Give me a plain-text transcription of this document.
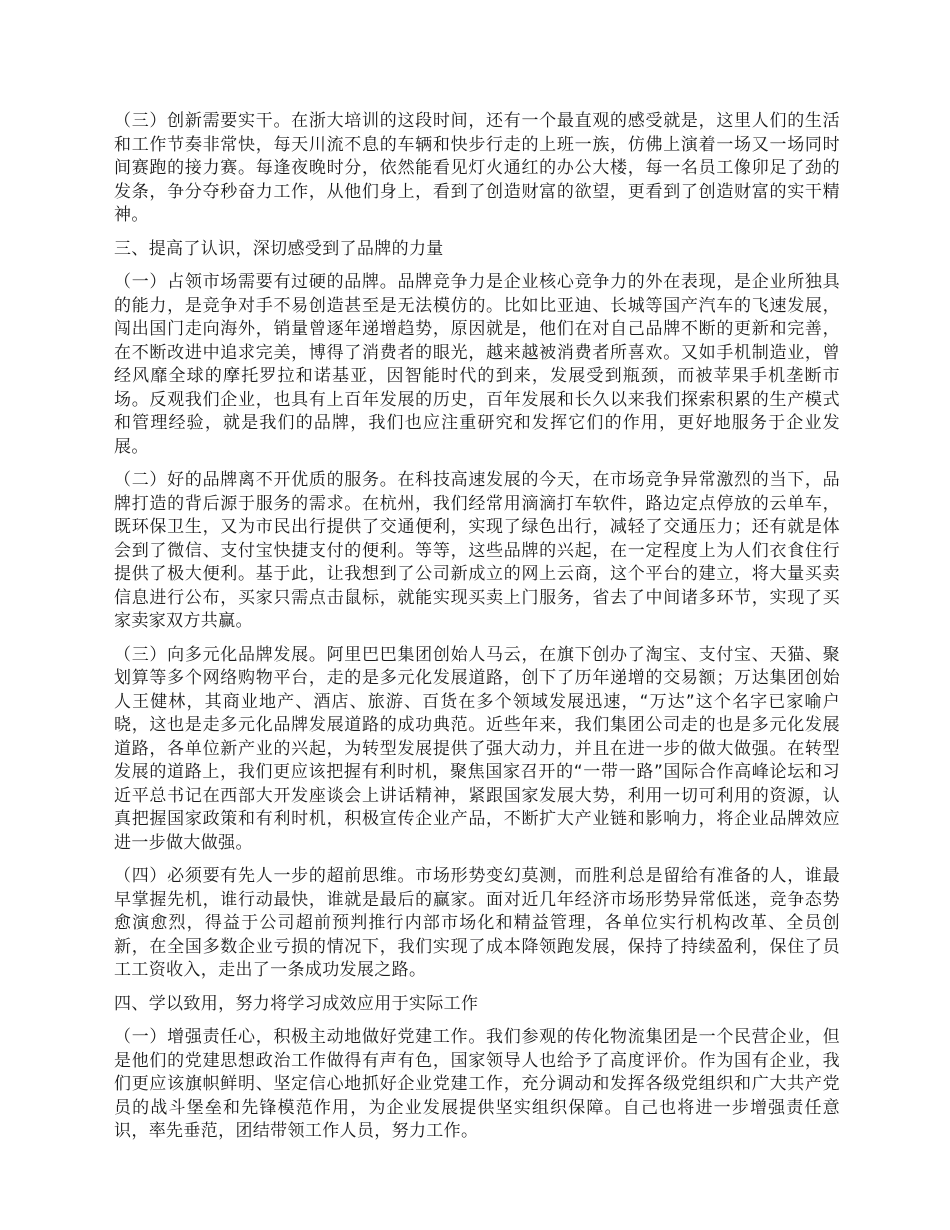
（三）创新需要实干。在浙大培训的这段时间，还有一个最直观的感受就是，这里人们的生活和工作节奏非常快，每天川流不息的车辆和快步行走的上班一族，仿佛上演着一场又一场同时间赛跑的接力赛。每逢夜晚时分，依然能看见灯火通红的办公大楼，每一名员工像卯足了劲的发条，争分夺秒奋力工作，从他们身上，看到了创造财富的欲望，更看到了创造财富的实干精神。

三、提高了认识，深切感受到了品牌的力量

（一）占领市场需要有过硬的品牌。品牌竞争力是企业核心竞争力的外在表现，是企业所独具的能力，是竞争对手不易创造甚至是无法模仿的。比如比亚迪、长城等国产汽车的飞速发展，闯出国门走向海外，销量曾逐年递增趋势，原因就是，他们在对自己品牌不断的更新和完善，在不断改进中追求完美，博得了消费者的眼光，越来越被消费者所喜欢。又如手机制造业，曾经风靡全球的摩托罗拉和诺基亚，因智能时代的到来，发展受到瓶颈，而被苹果手机垄断市场。反观我们企业，也具有上百年发展的历史，百年发展和长久以来我们探索积累的生产模式和管理经验，就是我们的品牌，我们也应注重研究和发挥它们的作用，更好地服务于企业发展。

（二）好的品牌离不开优质的服务。在科技高速发展的今天，在市场竞争异常激烈的当下，品牌打造的背后源于服务的需求。在杭州，我们经常用滴滴打车软件，路边定点停放的云单车，既环保卫生，又为市民出行提供了交通便利，实现了绿色出行，减轻了交通压力；还有就是体会到了微信、支付宝快捷支付的便利。等等，这些品牌的兴起，在一定程度上为人们衣食住行提供了极大便利。基于此，让我想到了公司新成立的网上云商，这个平台的建立，将大量买卖信息进行公布，买家只需点击鼠标，就能实现买卖上门服务，省去了中间诸多环节，实现了买家卖家双方共赢。

（三）向多元化品牌发展。阿里巴巴集团创始人马云，在旗下创办了淘宝、支付宝、天猫、聚划算等多个网络购物平台，走的是多元化发展道路，创下了历年递增的交易额；万达集团创始人王健林，其商业地产、酒店、旅游、百货在多个领域发展迅速，“万达”这个名字已家喻户晓，这也是走多元化品牌发展道路的成功典范。近些年来，我们集团公司走的也是多元化发展道路，各单位新产业的兴起，为转型发展提供了强大动力，并且在进一步的做大做强。在转型发展的道路上，我们更应该把握有利时机，聚焦国家召开的“一带一路”国际合作高峰论坛和习近平总书记在西部大开发座谈会上讲话精神，紧跟国家发展大势，利用一切可利用的资源，认真把握国家政策和有利时机，积极宣传企业产品，不断扩大产业链和影响力，将企业品牌效应进一步做大做强。

（四）必须要有先人一步的超前思维。市场形势变幻莫测，而胜利总是留给有准备的人，谁最早掌握先机，谁行动最快，谁就是最后的赢家。面对近几年经济市场形势异常低迷，竞争态势愈演愈烈，得益于公司超前预判推行内部市场化和精益管理，各单位实行机构改革、全员创新，在全国多数企业亏损的情况下，我们实现了成本降领跑发展，保持了持续盈利，保住了员工工资收入，走出了一条成功发展之路。

四、学以致用，努力将学习成效应用于实际工作

（一）增强责任心，积极主动地做好党建工作。我们参观的传化物流集团是一个民营企业，但是他们的党建思想政治工作做得有声有色，国家领导人也给予了高度评价。作为国有企业，我们更应该旗帜鲜明、坚定信心地抓好企业党建工作，充分调动和发挥各级党组织和广大共产党员的战斗堡垒和先锋模范作用，为企业发展提供坚实组织保障。自己也将进一步增强责任意识，率先垂范，团结带领工作人员，努力工作。
